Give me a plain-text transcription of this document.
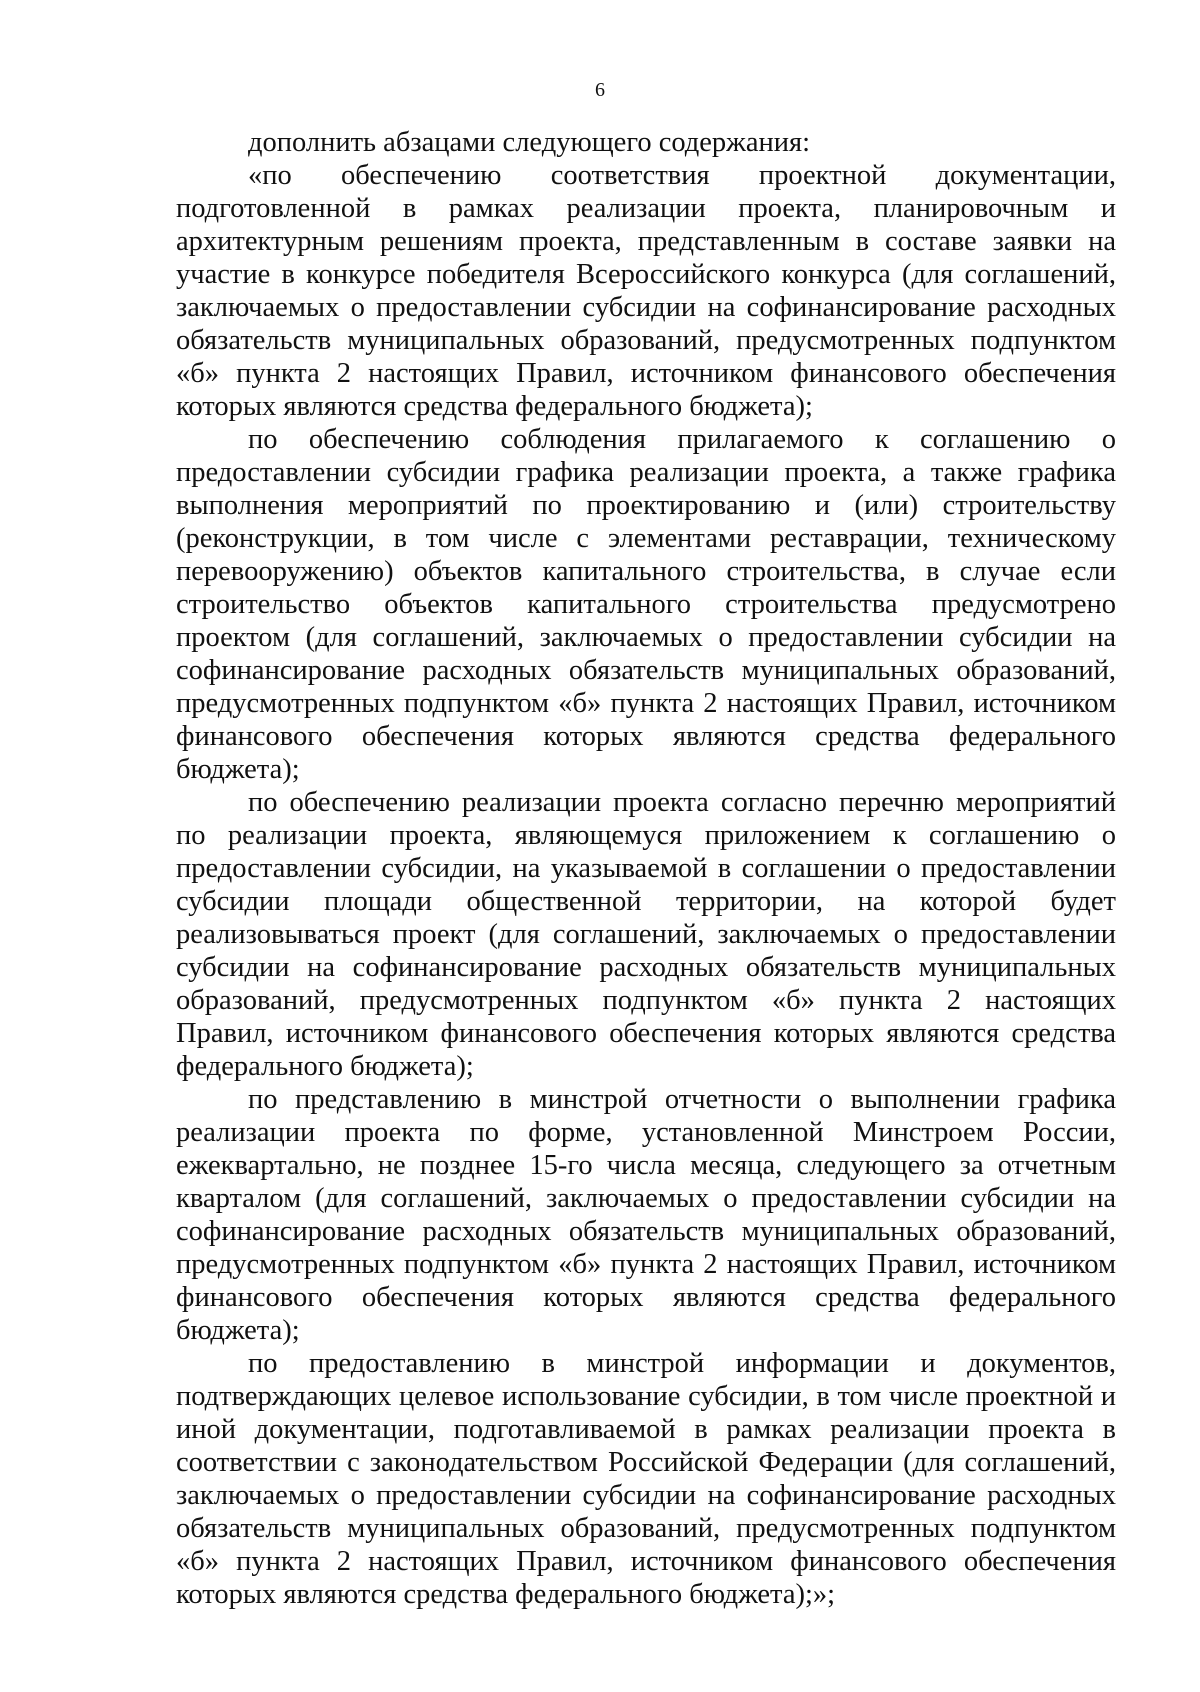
6

дополнить абзацами следующего содержания:

«по обеспечению соответствия проектной документации, подготовленной в рамках реализации проекта, планировочным и архитектурным решениям проекта, представленным в составе заявки на участие в конкурсе победителя Всероссийского конкурса (для соглашений, заключаемых о предоставлении субсидии на софинансирование расходных обязательств муниципальных образований, предусмотренных подпунктом «б» пункта 2 настоящих Правил, источником финансового обеспечения которых являются средства федерального бюджета);

по обеспечению соблюдения прилагаемого к соглашению о предоставлении субсидии графика реализации проекта, а также графика выполнения мероприятий по проектированию и (или) строительству (реконструкции, в том числе с элементами реставрации, техническому перевооружению) объектов капитального строительства, в случае если строительство объектов капитального строительства предусмотрено проектом (для соглашений, заключаемых о предоставлении субсидии на софинансирование расходных обязательств муниципальных образований, предусмотренных подпунктом «б» пункта 2 настоящих Правил, источником финансового обеспечения которых являются средства федерального бюджета);

по обеспечению реализации проекта согласно перечню мероприятий по реализации проекта, являющемуся приложением к соглашению о предоставлении субсидии, на указываемой в соглашении о предоставлении субсидии площади общественной территории, на которой будет реализовываться проект (для соглашений, заключаемых о предоставлении субсидии на софинансирование расходных обязательств муниципальных образований, предусмотренных подпунктом «б» пункта 2 настоящих Правил, источником финансового обеспечения которых являются средства федерального бюджета);

по представлению в минстрой отчетности о выполнении графика реализации проекта по форме, установленной Минстроем России, ежеквартально, не позднее 15-го числа месяца, следующего за отчетным кварталом (для соглашений, заключаемых о предоставлении субсидии на софинансирование расходных обязательств муниципальных образований, предусмотренных подпунктом «б» пункта 2 настоящих Правил, источником финансового обеспечения которых являются средства федерального бюджета);

по предоставлению в минстрой информации и документов, подтверждающих целевое использование субсидии, в том числе проектной и иной документации, подготавливаемой в рамках реализации проекта в соответствии с законодательством Российской Федерации (для соглашений, заключаемых о предоставлении субсидии на софинансирование расходных обязательств муниципальных образований, предусмотренных подпунктом «б» пункта 2 настоящих Правил, источником финансового обеспечения которых являются средства федерального бюджета);»;
